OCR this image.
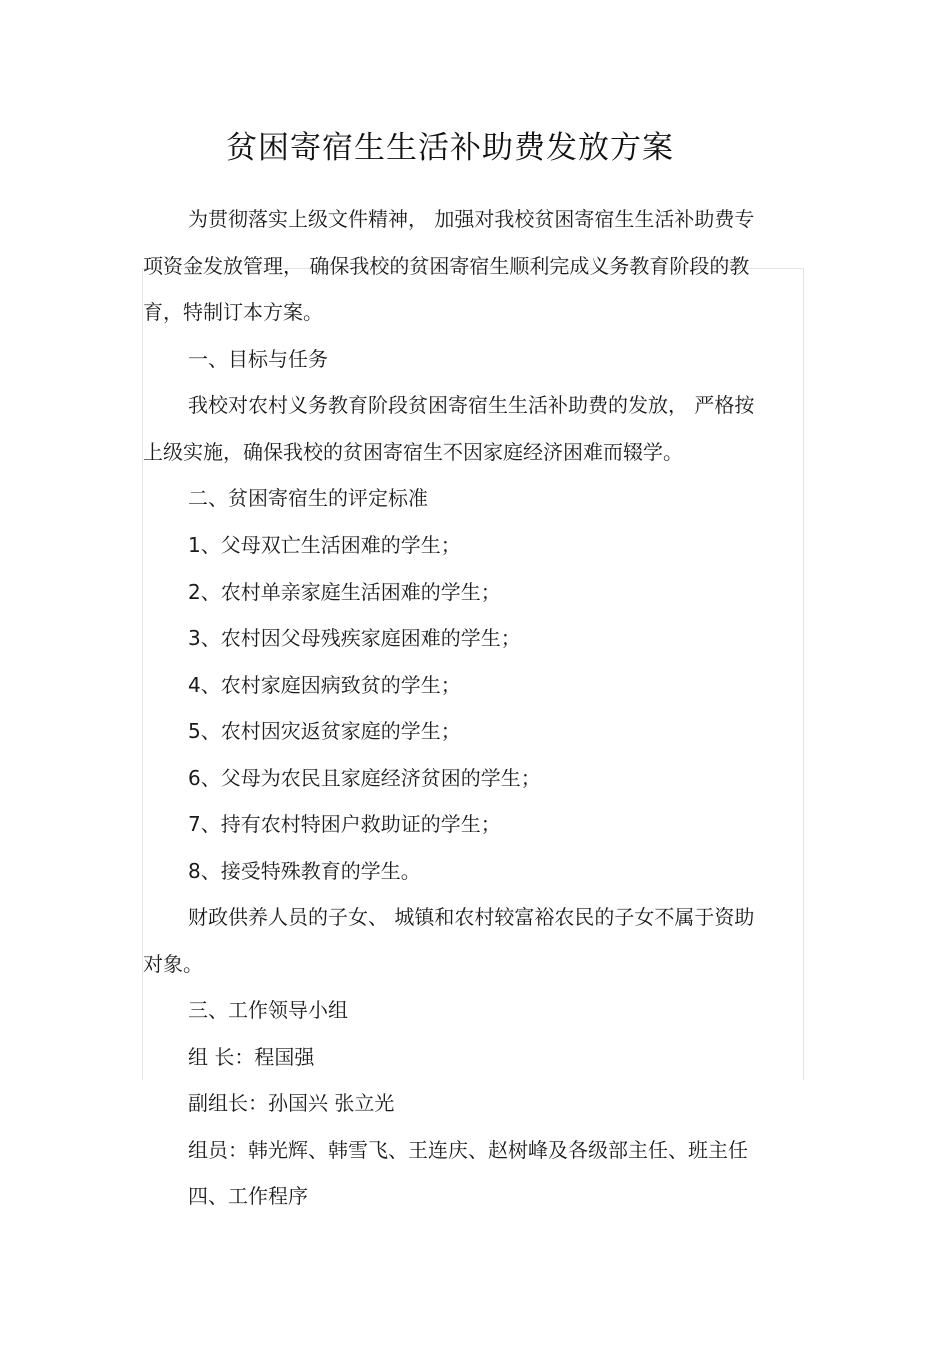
贫困寄宿生生活补助费发放方案
为贯彻落实上级文件精神， 加强对我校贫困寄宿生生活补助费专
项资金发放管理， 确保我校的贫困寄宿生顺利完成义务教育阶段的教
育，特制订本方案。
一、目标与任务
我校对农村义务教育阶段贫困寄宿生生活补助费的发放， 严格按
上级实施，确保我校的贫困寄宿生不因家庭经济困难而辍学。
二、贫困寄宿生的评定标准
1、父母双亡生活困难的学生；
2、农村单亲家庭生活困难的学生；
3、农村因父母残疾家庭困难的学生；
4、农村家庭因病致贫的学生；
5、农村因灾返贫家庭的学生；
6、父母为农民且家庭经济贫困的学生；
7、持有农村特困户救助证的学生；
8、接受特殊教育的学生。
财政供养人员的子女、 城镇和农村较富裕农民的子女不属于资助
对象。
三、工作领导小组
组 长：程国强
副组长：孙国兴 张立光
组员：韩光辉、韩雪飞、王连庆、赵树峰及各级部主任、班主任
四、工作程序
